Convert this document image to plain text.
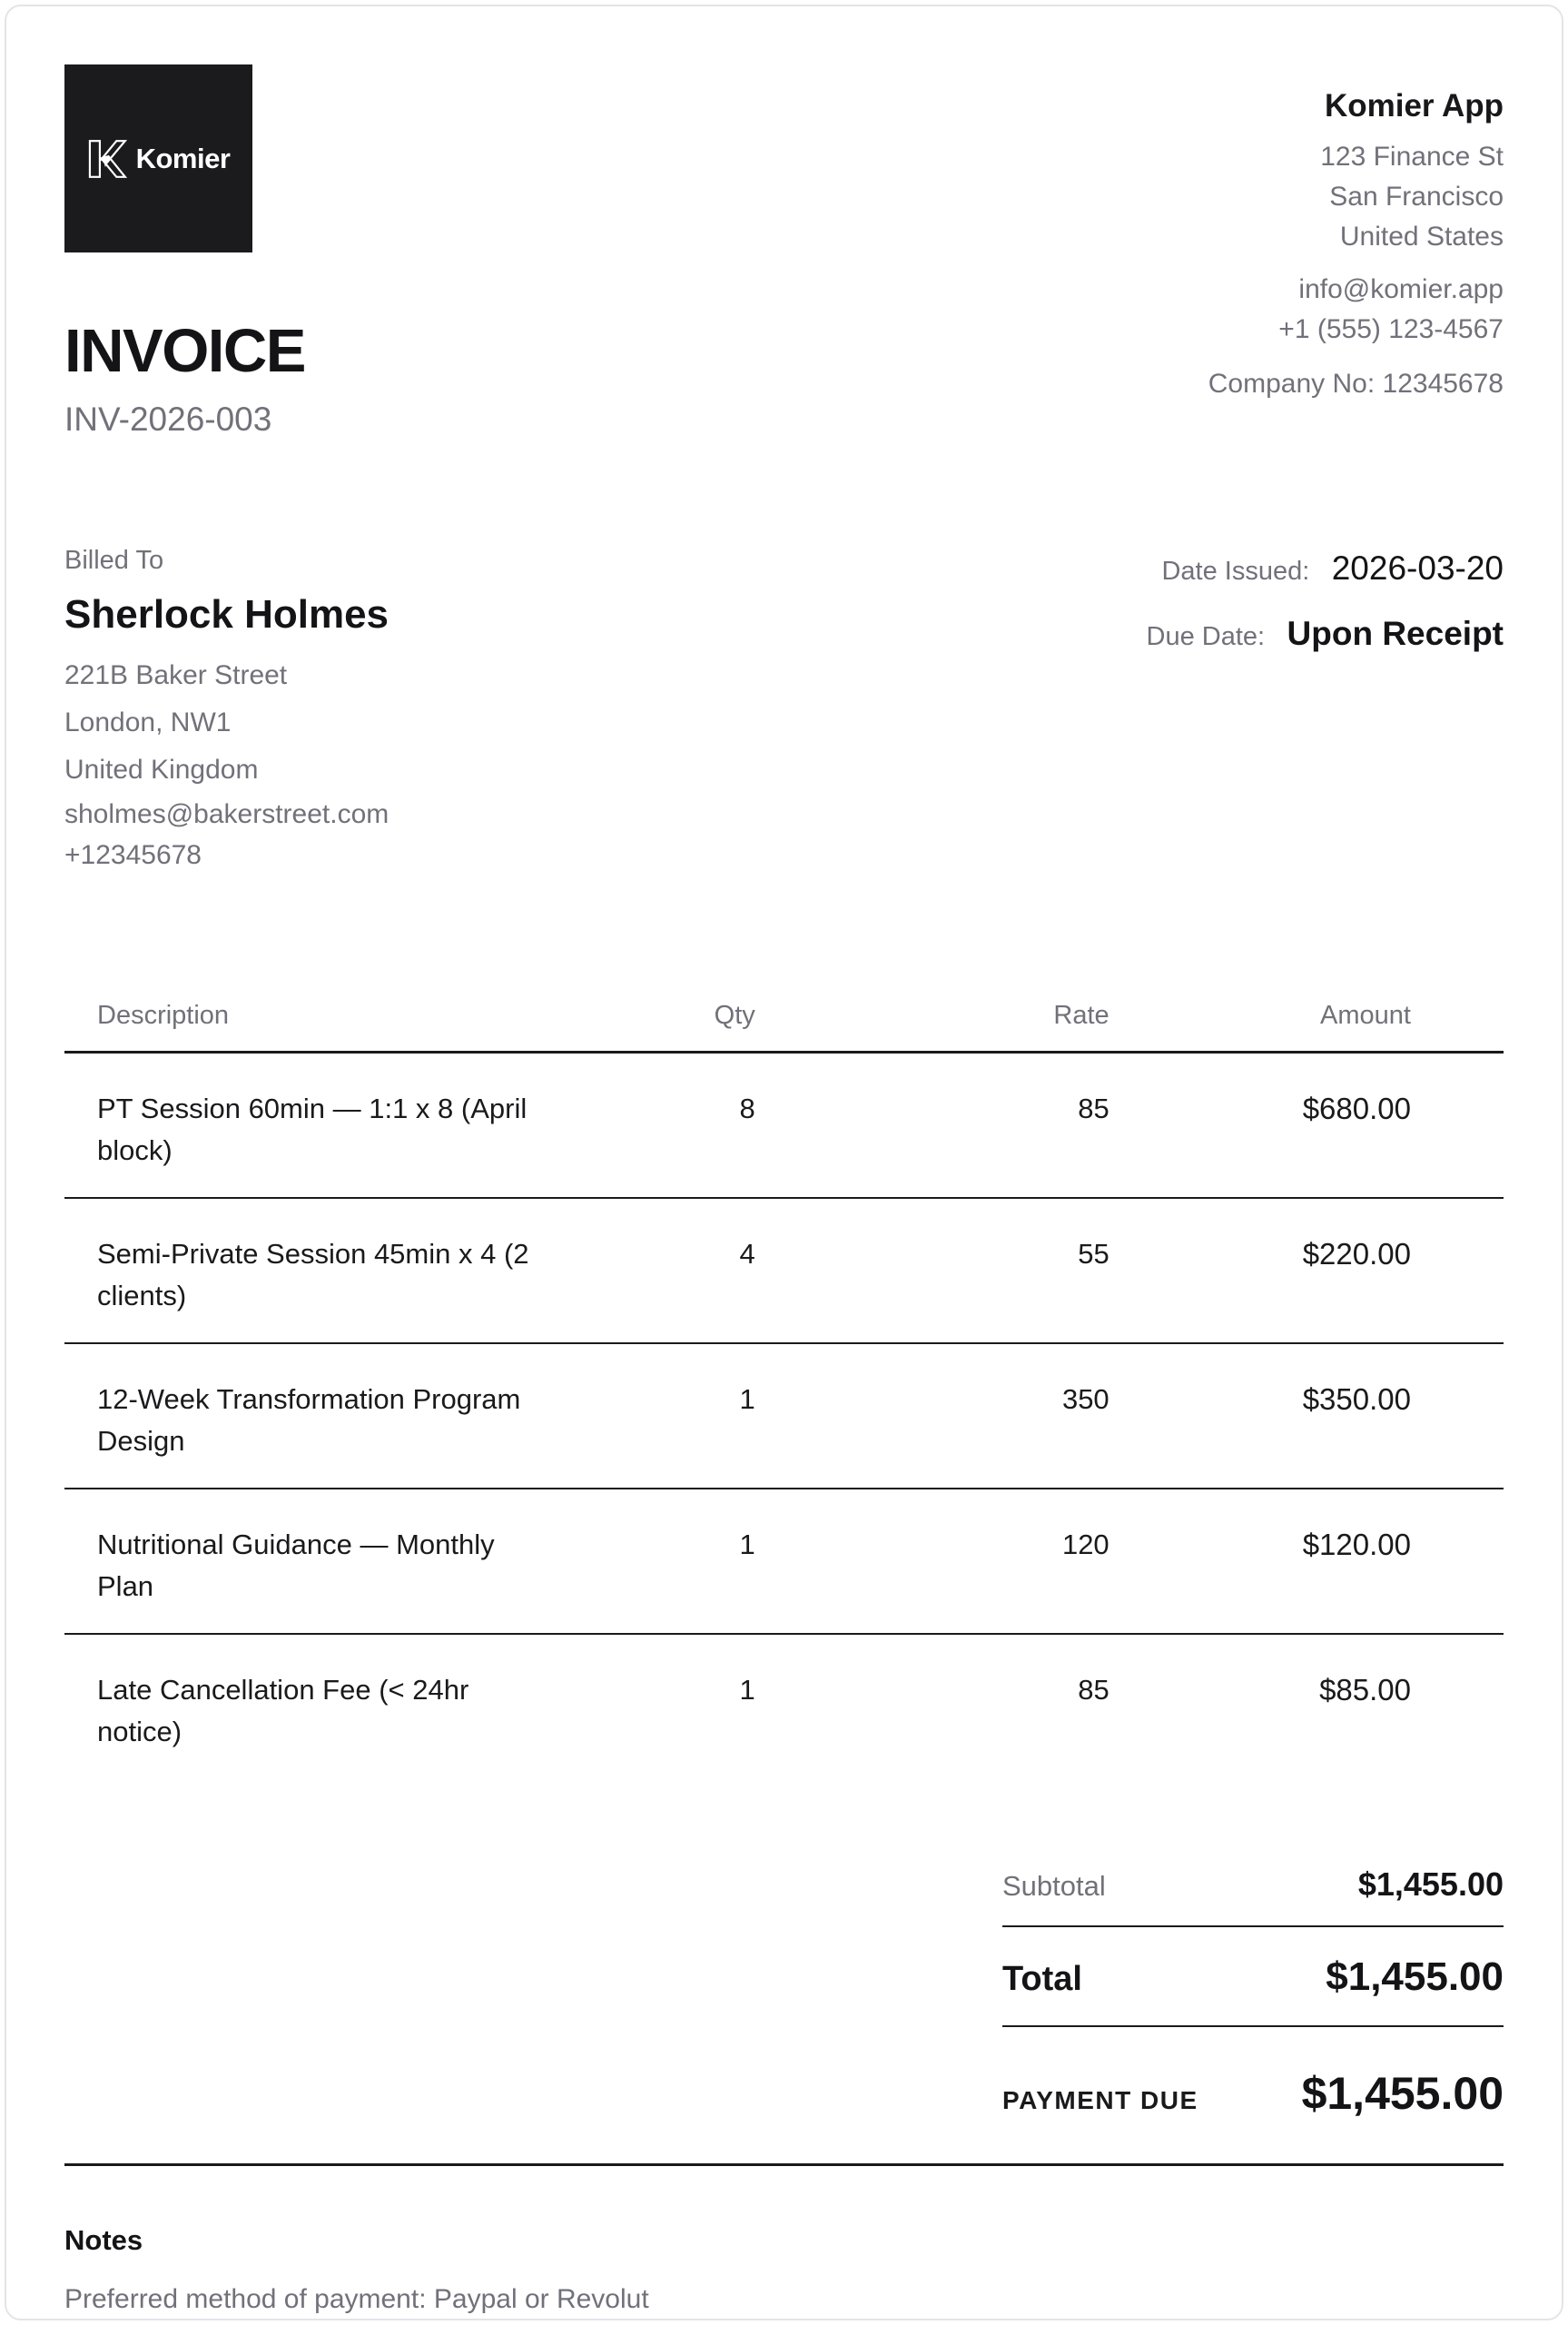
Komier
INVOICE
INV-2026-003
Komier App
123 Finance St
San Francisco
United States
info@komier.app
+1 (555) 123-4567
Company No: 12345678
Billed To
Sherlock Holmes
221B Baker Street
London, NW1
United Kingdom
sholmes@bakerstreet.com
+12345678
Date Issued: 2026-03-20
Due Date: Upon Receipt
Description	Qty	Rate	Amount

PT Session 60min — 1:1 x 8 (April block)	8	85	$680.00

Semi-Private Session 45min x 4 (2 clients)	4	55	$220.00

12-Week Transformation Program Design	1	350	$350.00

Nutritional Guidance — Monthly Plan	1	120	$120.00

Late Cancellation Fee (< 24hr notice)	1	85	$85.00
Subtotal	$1,455.00
Total	$1,455.00
PAYMENT DUE $1,455.00
Notes
Preferred method of payment: Paypal or Revolut
